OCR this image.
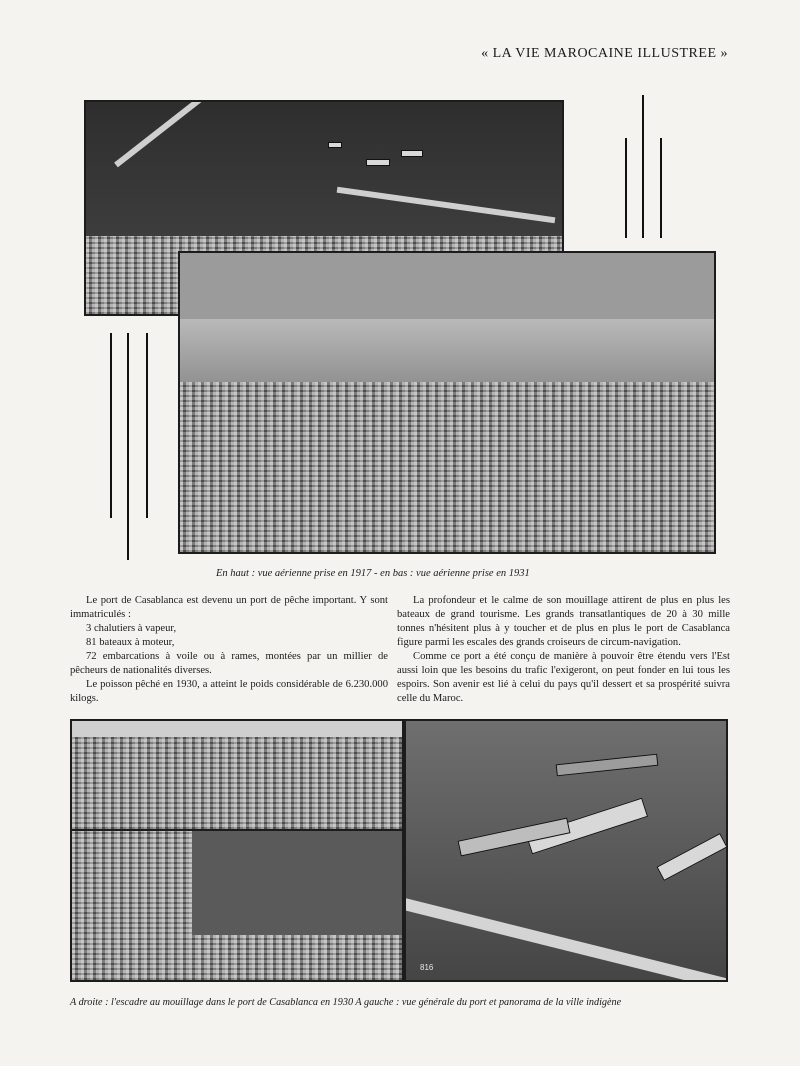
« LA VIE MAROCAINE ILLUSTREE »
En haut : vue aérienne prise en 1917 - en bas : vue aérienne prise en 1931

Le port de Casablanca est devenu un port de pêche important. Y sont immatriculés :

3 chalutiers à vapeur,

81 bateaux à moteur,

72 embarcations à voile ou à rames, montées par un millier de pêcheurs de nationalités diverses.

Le poisson pêché en 1930, a atteint le poids considérable de 6.230.000 kilogs.

La profondeur et le calme de son mouillage attirent de plus en plus les bateaux de grand tourisme. Les grands transatlantiques de 20 à 30 mille tonnes n'hésitent plus à y toucher et de plus en plus le port de Casablanca figure parmi les escales des grands croiseurs de circum-navigation.

Comme ce port a été conçu de manière à pouvoir être étendu vers l'Est aussi loin que les besoins du trafic l'exigeront, on peut fonder en lui tous les espoirs. Son avenir est lié à celui du pays qu'il dessert et sa prospérité suivra celle du Maroc.

816
A droite : l'escadre au mouillage dans le port de Casablanca en 1930 A gauche : vue générale du port et panorama de la ville indigène
